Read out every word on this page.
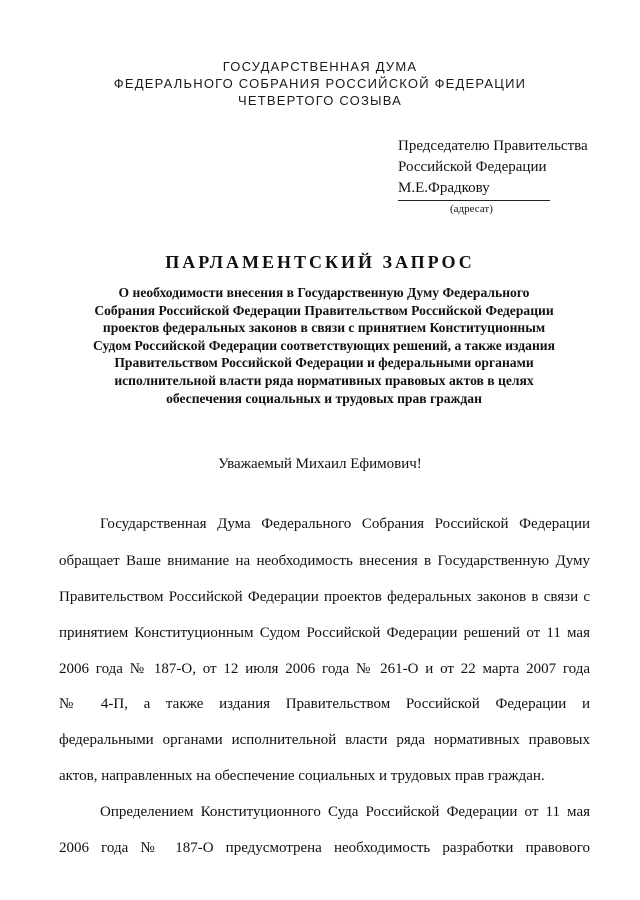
ГОСУДАРСТВЕННАЯ ДУМА
ФЕДЕРАЛЬНОГО СОБРАНИЯ РОССИЙСКОЙ ФЕДЕРАЦИИ
ЧЕТВЕРТОГО СОЗЫВА
Председателю Правительства
Российской Федерации
М.Е.Фрадкову
(адресат)
ПАРЛАМЕНТСКИЙ ЗАПРОС
О необходимости внесения в Государственную Думу Федерального
Собрания Российской Федерации Правительством Российской Федерации
проектов федеральных законов в связи с принятием Конституционным
Судом Российской Федерации соответствующих решений, а также издания
Правительством Российской Федерации и федеральными органами
исполнительной власти ряда нормативных правовых актов в целях
обеспечения социальных и трудовых прав граждан
Уважаемый Михаил Ефимович!
Государственная Дума Федерального Собрания Российской Федерации
обращает Ваше внимание на необходимость внесения в Государственную Думу
Правительством Российской Федерации проектов федеральных законов в связи с
принятием Конституционным Судом Российской Федерации решений от 11 мая
2006 года № 187-О, от 12 июля 2006 года № 261-О и от 22 марта 2007 года
№ 4-П, а также издания Правительством Российской Федерации и
федеральными органами исполнительной власти ряда нормативных правовых
актов, направленных на обеспечение социальных и трудовых прав граждан.
Определением Конституционного Суда Российской Федерации от 11 мая
2006 года № 187-О предусмотрена необходимость разработки правового
